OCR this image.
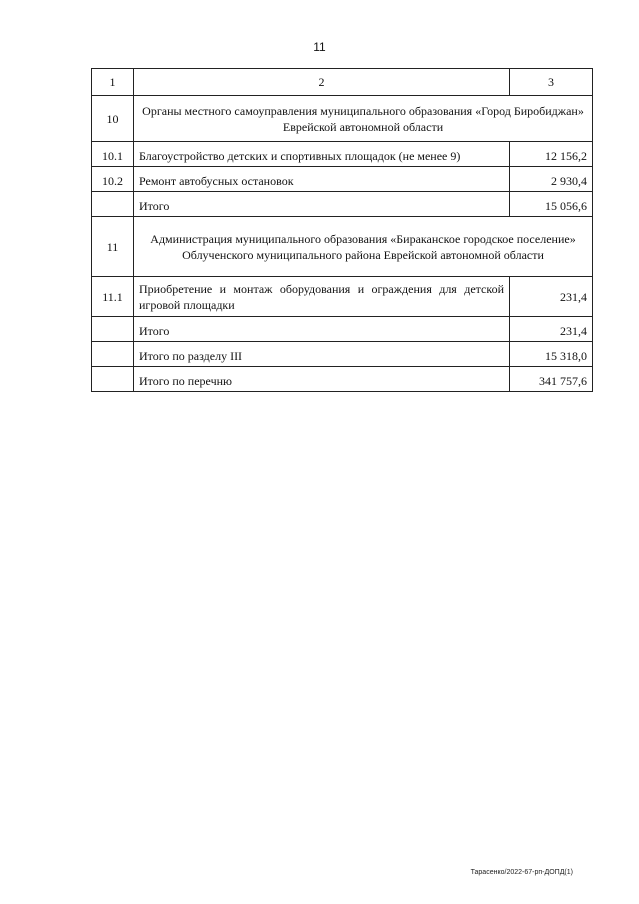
11
1	2	3
10	Органы местного самоуправления муниципального образования «Город Биробиджан» Еврейской автономной области	
10.1	Благоустройство детских и спортивных площадок (не менее 9)	12 156,2
10.2	Ремонт автобусных остановок	2 930,4
	Итого	15 056,6
11	Администрация муниципального образования «Бираканское городское поселение» Облученского муниципального района Еврейской автономной области	
11.1	Приобретение и монтаж оборудования и ограждения для детской игровой площадки	231,4
	Итого	231,4
	Итого по разделу III	15 318,0
	Итого по перечню	341 757,6
Тарасенко/2022-67-рп-ДОПД(1)
